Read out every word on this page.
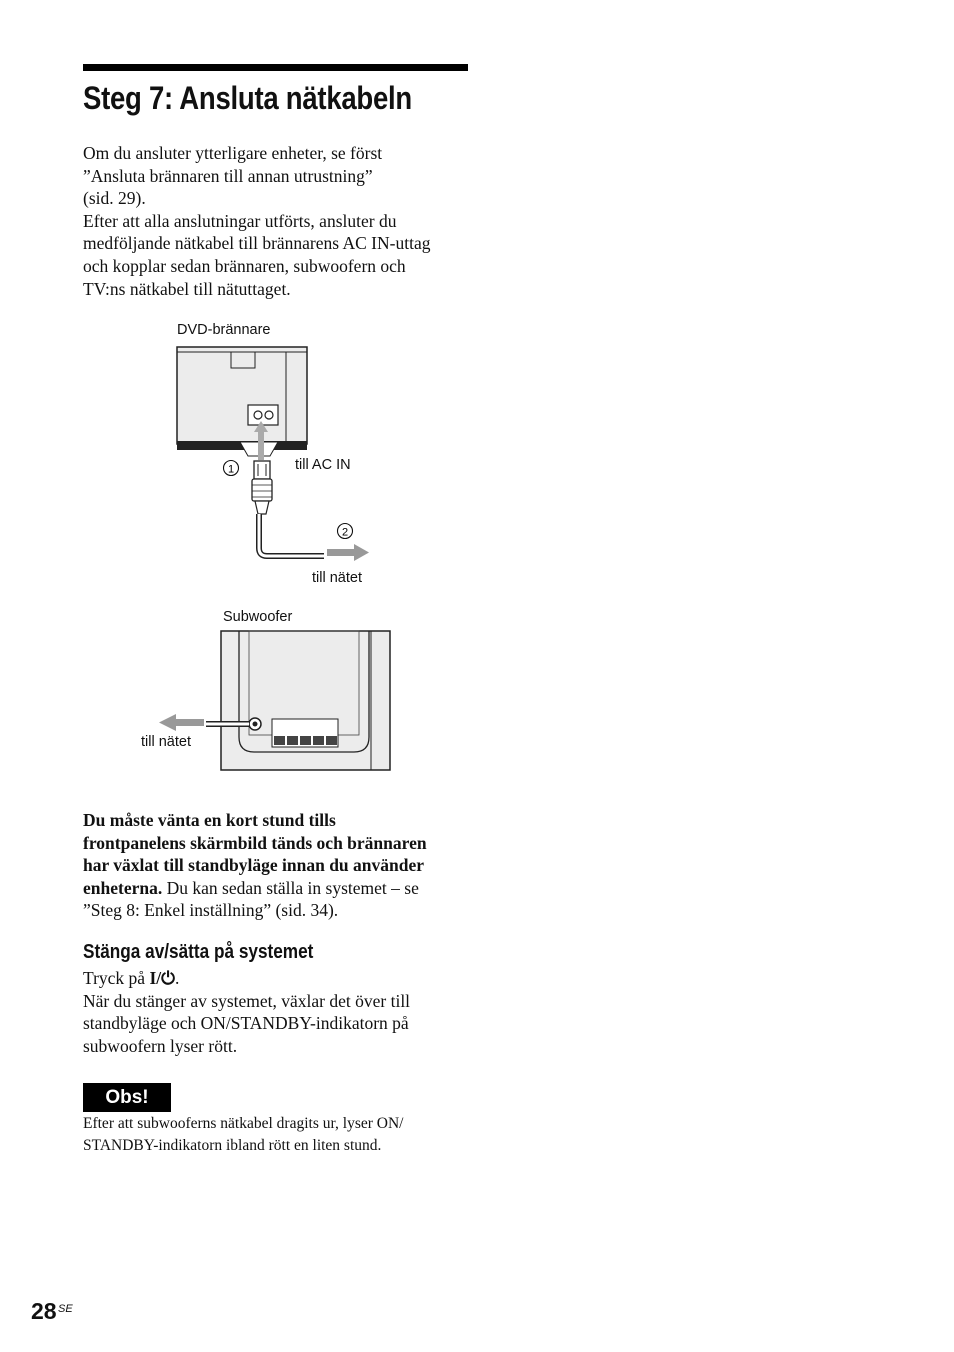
Steg 7: Ansluta nätkabeln

Om du ansluter ytterligare enheter, se först
”Ansluta brännaren till annan utrustning”
(sid. 29).
Efter att alla anslutningar utförts, ansluter du
medföljande nätkabel till brännarens AC IN-uttag
och kopplar sedan brännaren, subwoofern och
TV:ns nätkabel till nätuttaget.

1
2
DVD-brännare
till AC IN
till nätet
Subwoofer
till nätet

Du måste vänta en kort stund tills
frontpanelens skärmbild tänds och brännaren
har växlat till standbyläge innan du använder
enheterna. Du kan sedan ställa in systemet – se
”Steg 8: Enkel inställning” (sid. 34).

Stänga av/sätta på systemet

Tryck på I/⏻.
När du stänger av systemet, växlar det över till
standbyläge och ON/STANDBY-indikatorn på
subwoofern lyser rött.

Obs!

Efter att subwooferns nätkabel dragits ur, lyser ON/
STANDBY-indikatorn ibland rött en liten stund.

28 SE
